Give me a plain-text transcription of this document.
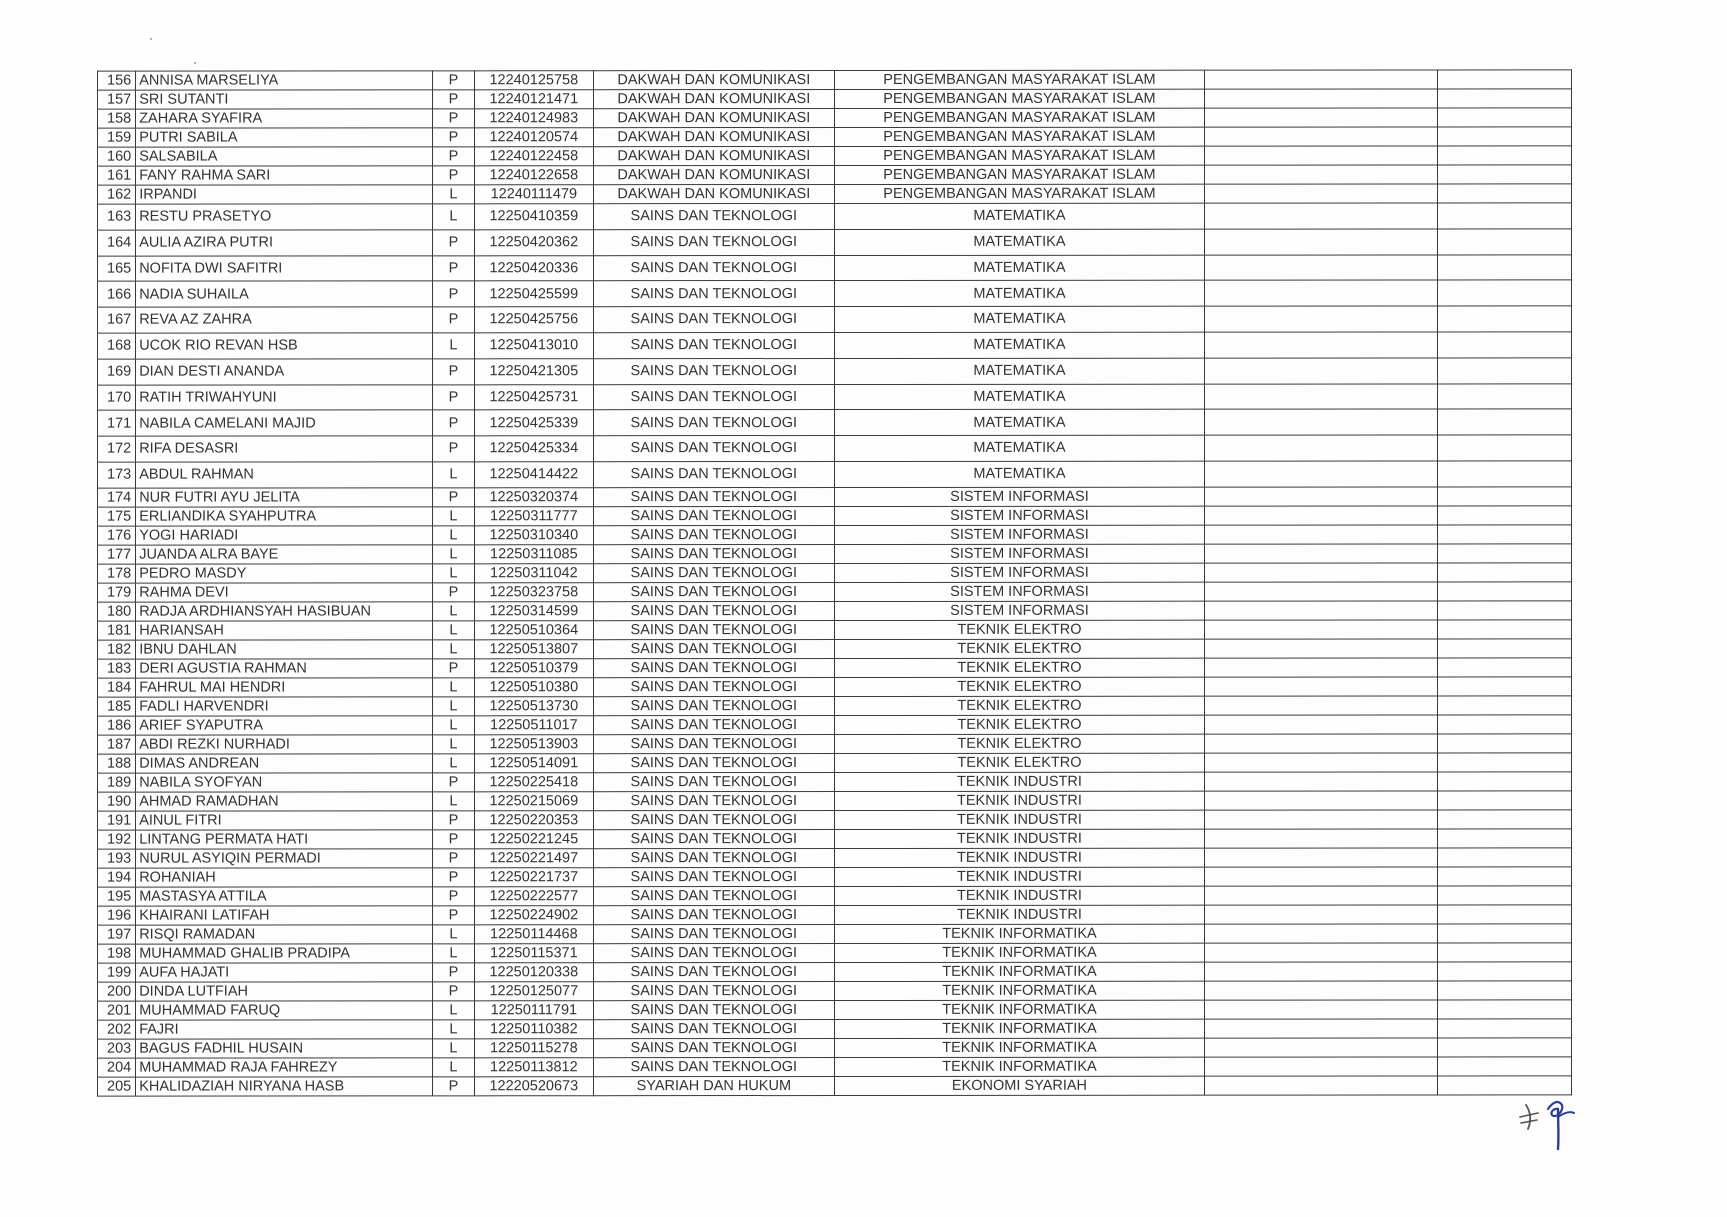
156	ANNISA MARSELIYA	P	12240125758	DAKWAH DAN KOMUNIKASI	PENGEMBANGAN MASYARAKAT ISLAM		
157	SRI SUTANTI	P	12240121471	DAKWAH DAN KOMUNIKASI	PENGEMBANGAN MASYARAKAT ISLAM		
158	ZAHARA SYAFIRA	P	12240124983	DAKWAH DAN KOMUNIKASI	PENGEMBANGAN MASYARAKAT ISLAM		
159	PUTRI SABILA	P	12240120574	DAKWAH DAN KOMUNIKASI	PENGEMBANGAN MASYARAKAT ISLAM		
160	SALSABILA	P	12240122458	DAKWAH DAN KOMUNIKASI	PENGEMBANGAN MASYARAKAT ISLAM		
161	FANY RAHMA SARI	P	12240122658	DAKWAH DAN KOMUNIKASI	PENGEMBANGAN MASYARAKAT ISLAM		
162	IRPANDI	L	12240111479	DAKWAH DAN KOMUNIKASI	PENGEMBANGAN MASYARAKAT ISLAM		
163	RESTU PRASETYO	L	12250410359	SAINS DAN TEKNOLOGI	MATEMATIKA		
164	AULIA AZIRA PUTRI	P	12250420362	SAINS DAN TEKNOLOGI	MATEMATIKA		
165	NOFITA DWI SAFITRI	P	12250420336	SAINS DAN TEKNOLOGI	MATEMATIKA		
166	NADIA SUHAILA	P	12250425599	SAINS DAN TEKNOLOGI	MATEMATIKA		
167	REVA AZ ZAHRA	P	12250425756	SAINS DAN TEKNOLOGI	MATEMATIKA		
168	UCOK RIO REVAN HSB	L	12250413010	SAINS DAN TEKNOLOGI	MATEMATIKA		
169	DIAN DESTI ANANDA	P	12250421305	SAINS DAN TEKNOLOGI	MATEMATIKA		
170	RATIH TRIWAHYUNI	P	12250425731	SAINS DAN TEKNOLOGI	MATEMATIKA		
171	NABILA CAMELANI MAJID	P	12250425339	SAINS DAN TEKNOLOGI	MATEMATIKA		
172	RIFA DESASRI	P	12250425334	SAINS DAN TEKNOLOGI	MATEMATIKA		
173	ABDUL RAHMAN	L	12250414422	SAINS DAN TEKNOLOGI	MATEMATIKA		
174	NUR FUTRI AYU JELITA	P	12250320374	SAINS DAN TEKNOLOGI	SISTEM INFORMASI		
175	ERLIANDIKA SYAHPUTRA	L	12250311777	SAINS DAN TEKNOLOGI	SISTEM INFORMASI		
176	YOGI HARIADI	L	12250310340	SAINS DAN TEKNOLOGI	SISTEM INFORMASI		
177	JUANDA ALRA BAYE	L	12250311085	SAINS DAN TEKNOLOGI	SISTEM INFORMASI		
178	PEDRO MASDY	L	12250311042	SAINS DAN TEKNOLOGI	SISTEM INFORMASI		
179	RAHMA DEVI	P	12250323758	SAINS DAN TEKNOLOGI	SISTEM INFORMASI		
180	RADJA ARDHIANSYAH HASIBUAN	L	12250314599	SAINS DAN TEKNOLOGI	SISTEM INFORMASI		
181	HARIANSAH	L	12250510364	SAINS DAN TEKNOLOGI	TEKNIK ELEKTRO		
182	IBNU DAHLAN	L	12250513807	SAINS DAN TEKNOLOGI	TEKNIK ELEKTRO		
183	DERI AGUSTIA RAHMAN	P	12250510379	SAINS DAN TEKNOLOGI	TEKNIK ELEKTRO		
184	FAHRUL MAI HENDRI	L	12250510380	SAINS DAN TEKNOLOGI	TEKNIK ELEKTRO		
185	FADLI HARVENDRI	L	12250513730	SAINS DAN TEKNOLOGI	TEKNIK ELEKTRO		
186	ARIEF SYAPUTRA	L	12250511017	SAINS DAN TEKNOLOGI	TEKNIK ELEKTRO		
187	ABDI REZKI NURHADI	L	12250513903	SAINS DAN TEKNOLOGI	TEKNIK ELEKTRO		
188	DIMAS ANDREAN	L	12250514091	SAINS DAN TEKNOLOGI	TEKNIK ELEKTRO		
189	NABILA SYOFYAN	P	12250225418	SAINS DAN TEKNOLOGI	TEKNIK INDUSTRI		
190	AHMAD RAMADHAN	L	12250215069	SAINS DAN TEKNOLOGI	TEKNIK INDUSTRI		
191	AINUL FITRI	P	12250220353	SAINS DAN TEKNOLOGI	TEKNIK INDUSTRI		
192	LINTANG PERMATA HATI	P	12250221245	SAINS DAN TEKNOLOGI	TEKNIK INDUSTRI		
193	NURUL ASYIQIN PERMADI	P	12250221497	SAINS DAN TEKNOLOGI	TEKNIK INDUSTRI		
194	ROHANIAH	P	12250221737	SAINS DAN TEKNOLOGI	TEKNIK INDUSTRI		
195	MASTASYA ATTILA	P	12250222577	SAINS DAN TEKNOLOGI	TEKNIK INDUSTRI		
196	KHAIRANI LATIFAH	P	12250224902	SAINS DAN TEKNOLOGI	TEKNIK INDUSTRI		
197	RISQI RAMADAN	L	12250114468	SAINS DAN TEKNOLOGI	TEKNIK INFORMATIKA		
198	MUHAMMAD GHALIB PRADIPA	L	12250115371	SAINS DAN TEKNOLOGI	TEKNIK INFORMATIKA		
199	AUFA HAJATI	P	12250120338	SAINS DAN TEKNOLOGI	TEKNIK INFORMATIKA		
200	DINDA LUTFIAH	P	12250125077	SAINS DAN TEKNOLOGI	TEKNIK INFORMATIKA		
201	MUHAMMAD FARUQ	L	12250111791	SAINS DAN TEKNOLOGI	TEKNIK INFORMATIKA		
202	FAJRI	L	12250110382	SAINS DAN TEKNOLOGI	TEKNIK INFORMATIKA		
203	BAGUS FADHIL HUSAIN	L	12250115278	SAINS DAN TEKNOLOGI	TEKNIK INFORMATIKA		
204	MUHAMMAD RAJA FAHREZY	L	12250113812	SAINS DAN TEKNOLOGI	TEKNIK INFORMATIKA		
205	KHALIDAZIAH NIRYANA HASB	P	12220520673	SYARIAH DAN HUKUM	EKONOMI SYARIAH		
